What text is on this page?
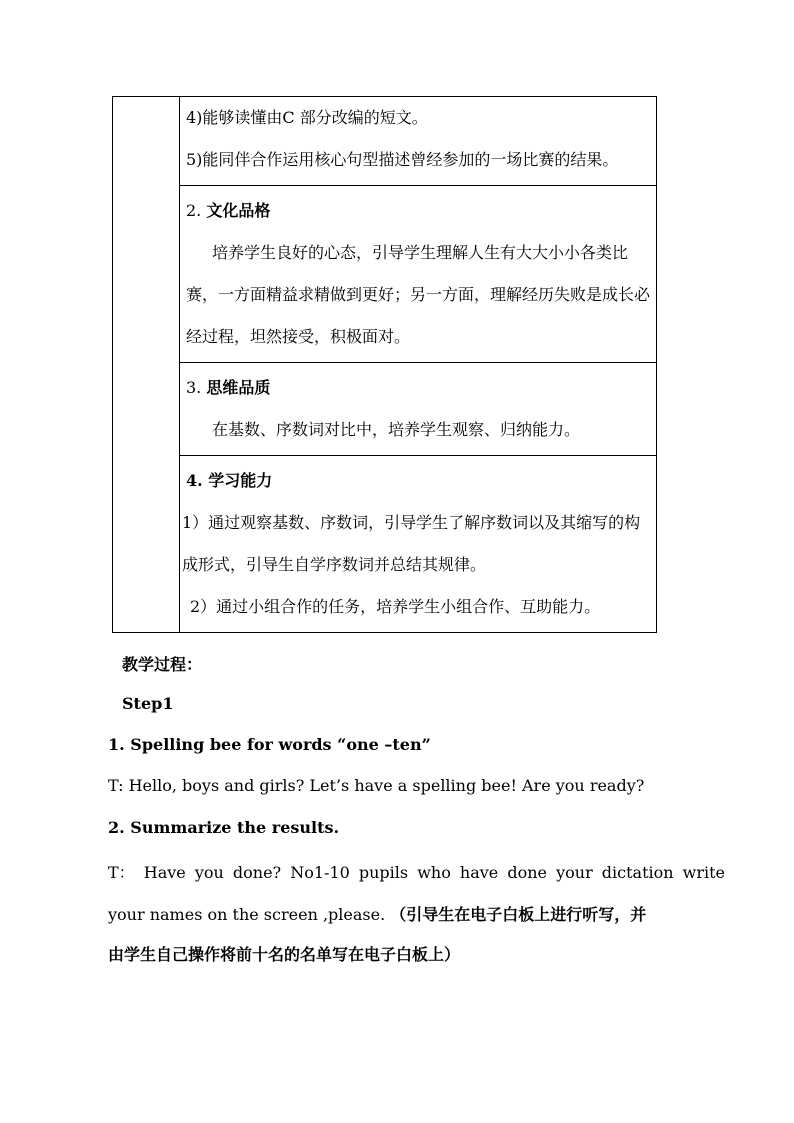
4)能够读懂由C 部分改编的短文。

5)能同伴合作运用核心句型描述曾经参加的一场比赛的结果。

2. 文化品格

培养学生良好的心态，引导学生理解人生有大大小小各类比赛，一方面精益求精做到更好；另一方面，理解经历失败是成长必经过程，坦然接受，积极面对。

3. 思维品质

在基数、序数词对比中，培养学生观察、归纳能力。

4. 学习能力

1）通过观察基数、序数词，引导学生了解序数词以及其缩写的构成形式，引导生自学序数词并总结其规律。

2）通过小组合作的任务，培养学生小组合作、互助能力。

教学过程：
Step1
1. Spelling bee for words “one –ten”
T: Hello, boys and girls? Let’s have a spelling bee! Are you ready?
2. Summarize the results.
T： Have you done? No1-10 pupils who have done your dictation write
your names on the screen ,please. （引导生在电子白板上进行听写，并
由学生自己操作将前十名的名单写在电子白板上）
